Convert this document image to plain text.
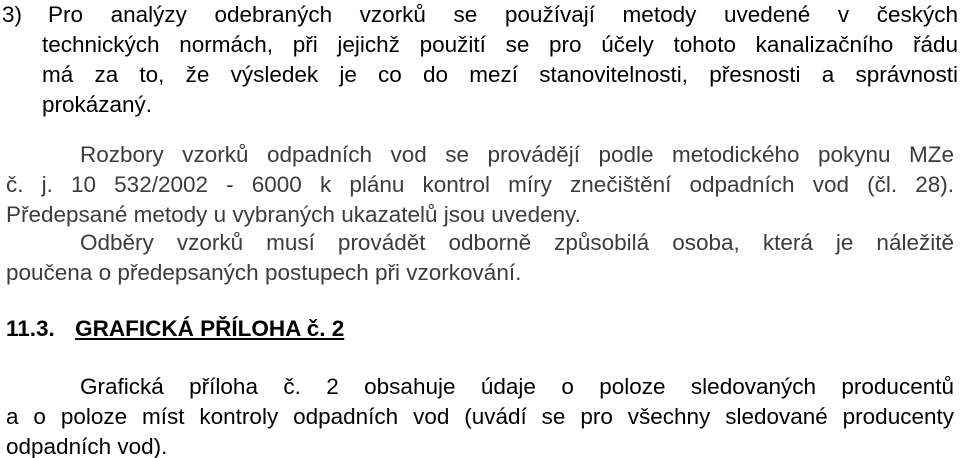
3)	Pro analýzy odebraných vzorků se používají metody uvedené v českých
technických normách, při jejichž použití se pro účely tohoto kanalizačního řádu
má za to, že výsledek je co do mezí stanovitelnosti, přesnosti a správnosti
prokázaný.
Rozbory vzorků odpadních vod se provádějí podle metodického pokynu MZe
č. j. 10 532/2002 - 6000 k plánu kontrol míry znečištění odpadních vod (čl. 28).
Předepsané metody u vybraných ukazatelů jsou uvedeny.
Odběry vzorků musí provádět odborně způsobilá osoba, která je náležitě
poučena o předepsaných postupech při vzorkování.
11.3. GRAFICKÁ PŘÍLOHA č. 2
Grafická příloha č. 2 obsahuje údaje o poloze sledovaných producentů
a o poloze míst kontroly odpadních vod (uvádí se pro všechny sledované producenty
odpadních vod).
